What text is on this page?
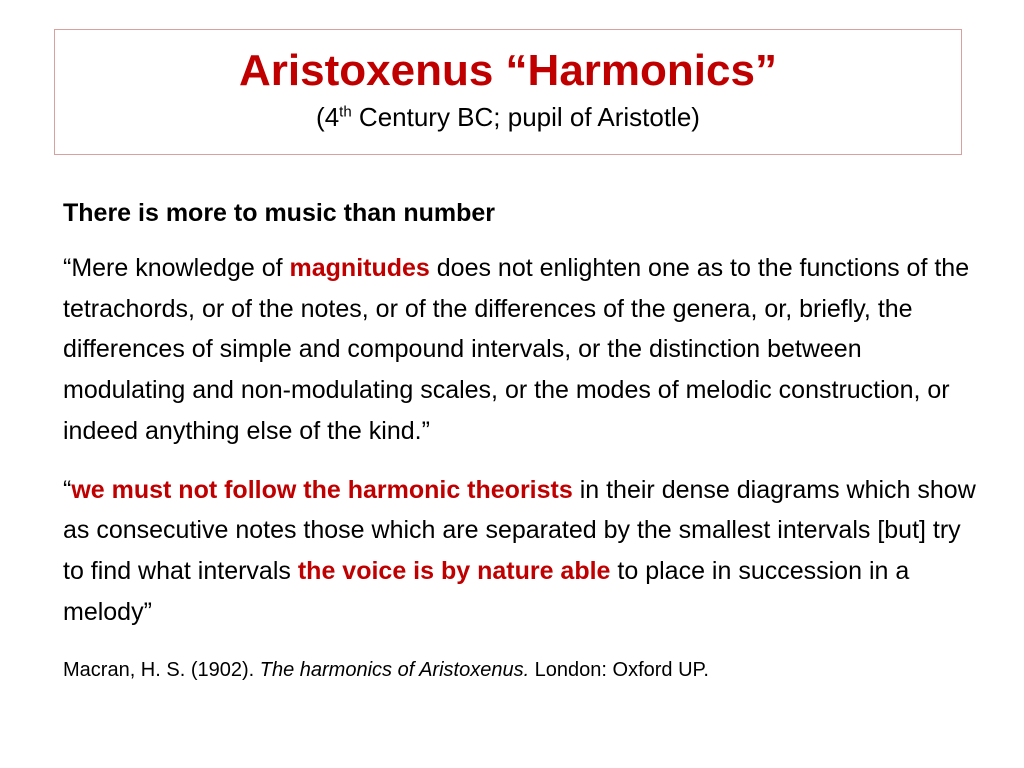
Aristoxenus “Harmonics”

(4th Century BC; pupil of Aristotle)

There is more to music than number

“Mere knowledge of magnitudes does not enlighten one as to the functions of the tetrachords, or of the notes, or of the differences of the genera, or, briefly, the differences of simple and compound intervals, or the distinction between modulating and non-modulating scales, or the modes of melodic construction, or indeed anything else of the kind.”

“we must not follow the harmonic theorists in their dense diagrams which show as consecutive notes those which are separated by the smallest intervals [but] try to find what intervals the voice is by nature able to place in succession in a melody”

Macran, H. S. (1902). The harmonics of Aristoxenus. London: Oxford UP.
